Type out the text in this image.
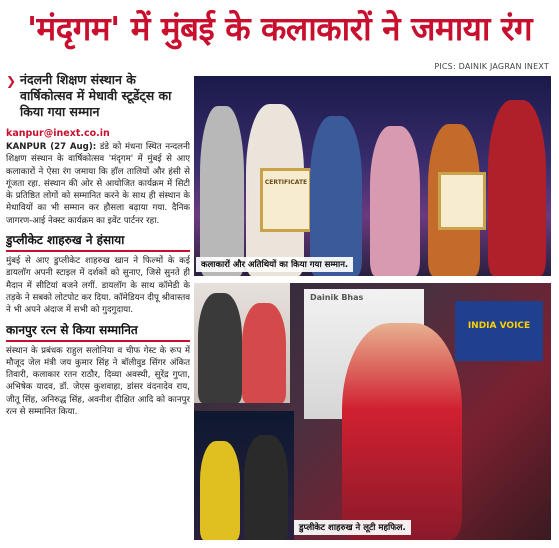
'मंदृगम' में मुंबई के कलाकारों ने जमाया रंग
PICS: DAINIK JAGRAN INEXT
❯ नंदलनी शिक्षण संस्थान के वार्षिकोत्सव में मेधावी स्टूडेंट्स का किया गया सम्मान
kanpur@inext.co.in
KANPUR (27 Aug): डंडे को मंधना स्थित नन्दलनी शिक्षण संस्थान के वार्षिकोत्सव 'मंदृगम' में मुंबई से आए कलाकारों ने ऐसा रंग जमाया कि हॉल तालियों और हंसी से गूंजता रहा. संस्थान की ओर से आयोजित कार्यक्रम में सिटी के प्रतिष्ठित लोगों को सम्मानित करने के साथ ही संस्थान के मेधावियों का भी सम्मान कर हौसला बढ़ाया गया. दैनिक जागरण-आई नेक्स्ट कार्यक्रम का इवेंट पार्टनर रहा.
डुप्लीकेट शाहरुख ने हंसाया
मुंबई से आए डुप्लीकेट शाहरुख खान ने फिल्मों के कई डायलॉग अपनी स्टाइल में दर्शकों को सुनाए, जिसे सुनते ही मैदान में सीटियां बजने लगीं. डायलॉग के साथ कॉमेडी के तड़के ने सबको लोटपोट कर दिया. कॉमेडियन दीपू श्रीवास्तव ने भी अपने अंदाज में सभी को गुदगुदाया.
कानपुर रत्न से किया सम्मानित
संस्थान के प्रबंधक राहुल सलोनिया व चीफ गेस्ट के रूप में मौजूद जेल मंत्री जय कुमार सिंह ने बॉलीवुड सिंगर अंकित तिवारी, कलाकार रतन राठौर, दिव्या अवस्थी, सुरेंद्र गुप्ता, अभिषेक यादव, डॉ. जेएस कुशवाहा, डांसर वंदनादेव राय, जीतू सिंह, अनिरुद्ध सिंह, अवनीश दीक्षित आदि को कानपुर रत्न से सम्मानित किया.
CERTIFICATE
कलाकारों और अतिथियों का किया गया सम्मान.
Dainik Bhas
INDIA VOICE
डुप्लीकेट शाहरुख ने लूटी महफिल.
